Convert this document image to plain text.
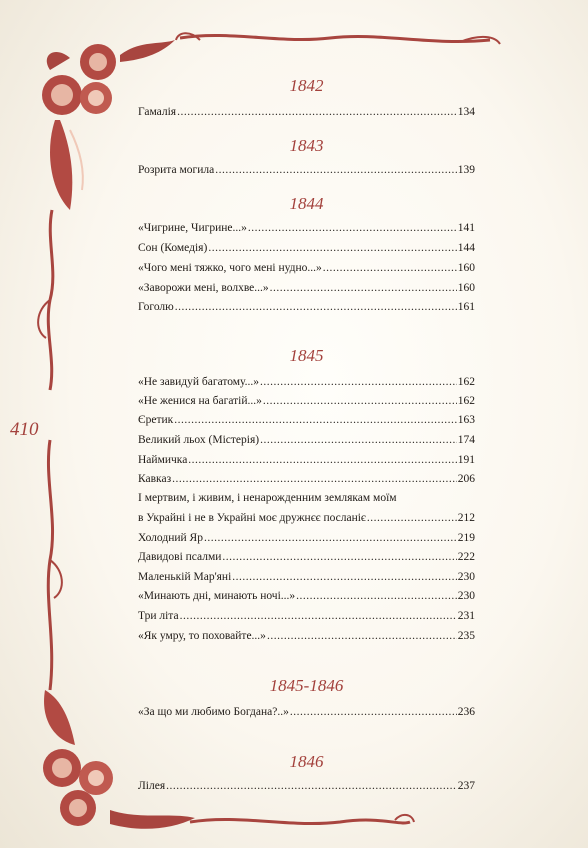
410
1842
Гамалія .....	134
1843
Розрита могила .....	139
1844
«Чигрине, Чигрине...» .....	141
Сон (Комедія) .....	144
«Чого мені тяжко, чого мені нудно...» .....	160
«Заворожи мені, волхве...» .....	160
Гоголю .....	161
1845
«Не завидуй багатому...» .....	162
«Не женися на багатій...» .....	162
Єретик .....	163
Великий льох (Містерія) .....	174
Наймичка .....	191
Кавказ .....	206
І мертвим, і живим, і ненарожденним землякам моїм
в Украйні і не в Украйні моє дружнєє посланіє .....	212
Холодний Яр .....	219
Давидові псалми .....	222
Маленькій Мар'яні .....	230
«Минають дні, минають ночі...» .....	230
Три літа .....	231
«Як умру, то поховайте...» .....	235
1845-1846
«За що ми любимо Богдана?..» .....	236
1846
Лілея .....	237
